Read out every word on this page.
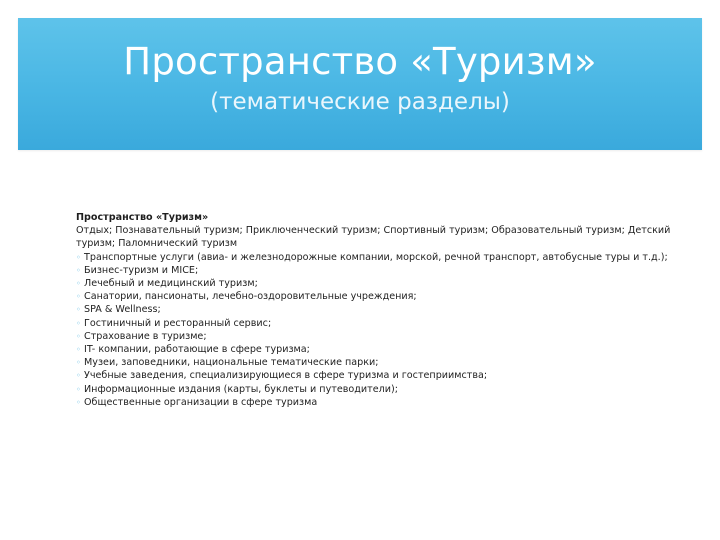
Пространство «Туризм»
(тематические разделы)
Пространство «Туризм»
Отдых; Познавательный туризм; Приключенческий туризм; Спортивный туризм; Образовательный туризм; Детский туризм; Паломнический туризм
◦ Транспортные услуги (авиа- и железнодорожные компании, морской, речной транспорт, автобусные туры и т.д.);
◦ Бизнес-туризм и MICE;
◦ Лечебный и медицинский туризм;
◦ Санатории, пансионаты, лечебно-оздоровительные учреждения;
◦ SPA & Wellness;
◦ Гостиничный и ресторанный сервис;
◦ Страхование в туризме;
◦ IT- компании, работающие в сфере туризма;
◦ Музеи, заповедники, национальные тематические парки;
◦ Учебные заведения, специализирующиеся в сфере туризма и гостеприимства;
◦ Информационные издания (карты, буклеты и путеводители);
◦ Общественные организации в сфере туризма
